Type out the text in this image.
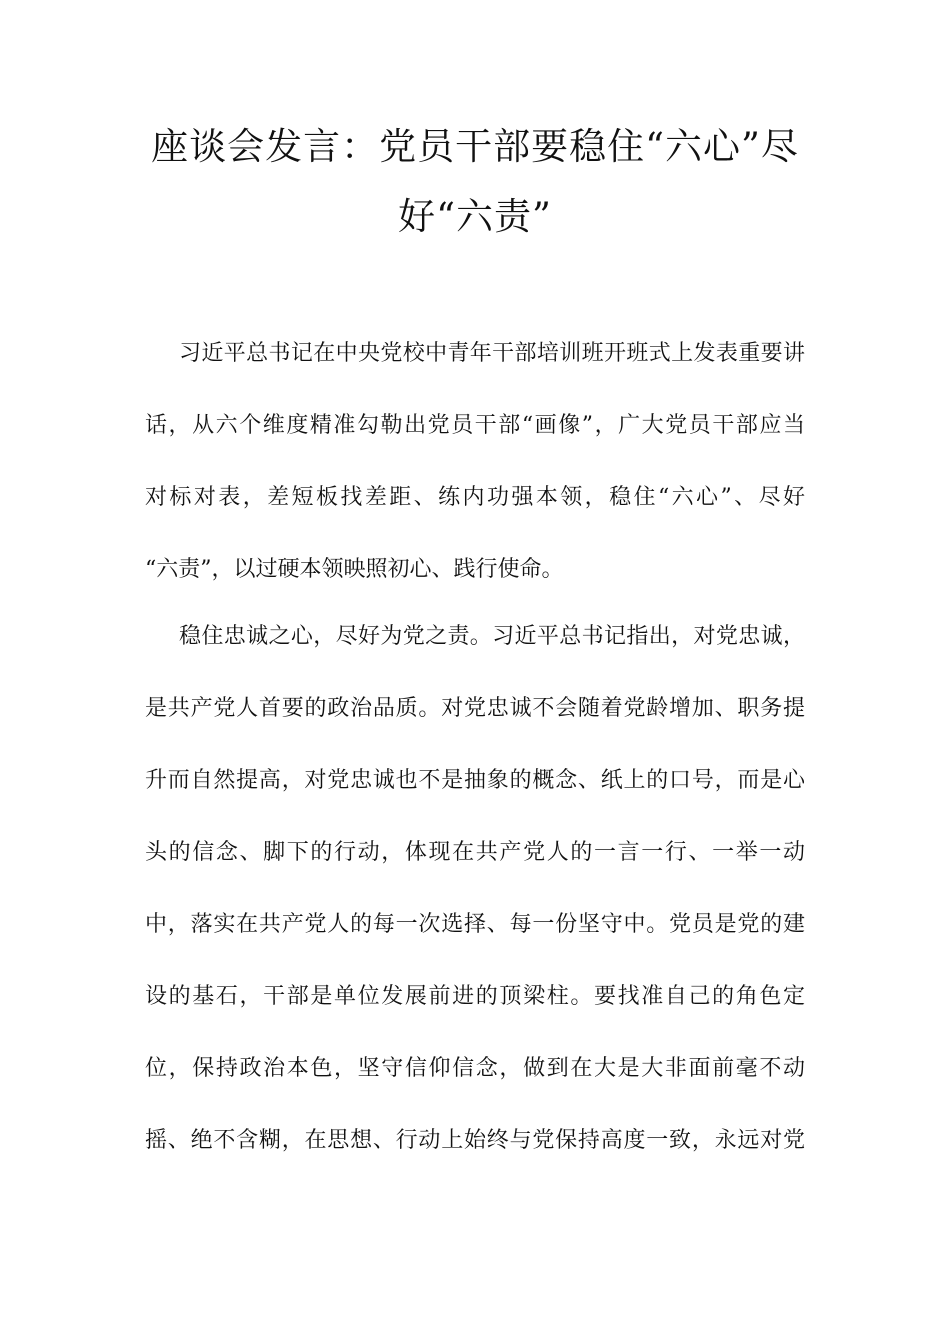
座谈会发言：党员干部要稳住“六心”尽
好“六责”

习近平总书记在中央党校中青年干部培训班开班式上发表重要讲
话，从六个维度精准勾勒出党员干部“画像”，广大党员干部应当
对标对表，差短板找差距、练内功强本领，稳住“六心”、尽好
“六责”，以过硬本领映照初心、践行使命。

稳住忠诚之心，尽好为党之责。习近平总书记指出，对党忠诚，
是共产党人首要的政治品质。对党忠诚不会随着党龄增加、职务提
升而自然提高，对党忠诚也不是抽象的概念、纸上的口号，而是心
头的信念、脚下的行动，体现在共产党人的一言一行、一举一动
中，落实在共产党人的每一次选择、每一份坚守中。党员是党的建
设的基石，干部是单位发展前进的顶梁柱。要找准自己的角色定
位，保持政治本色，坚守信仰信念，做到在大是大非面前毫不动
摇、绝不含糊，在思想、行动上始终与党保持高度一致，永远对党
